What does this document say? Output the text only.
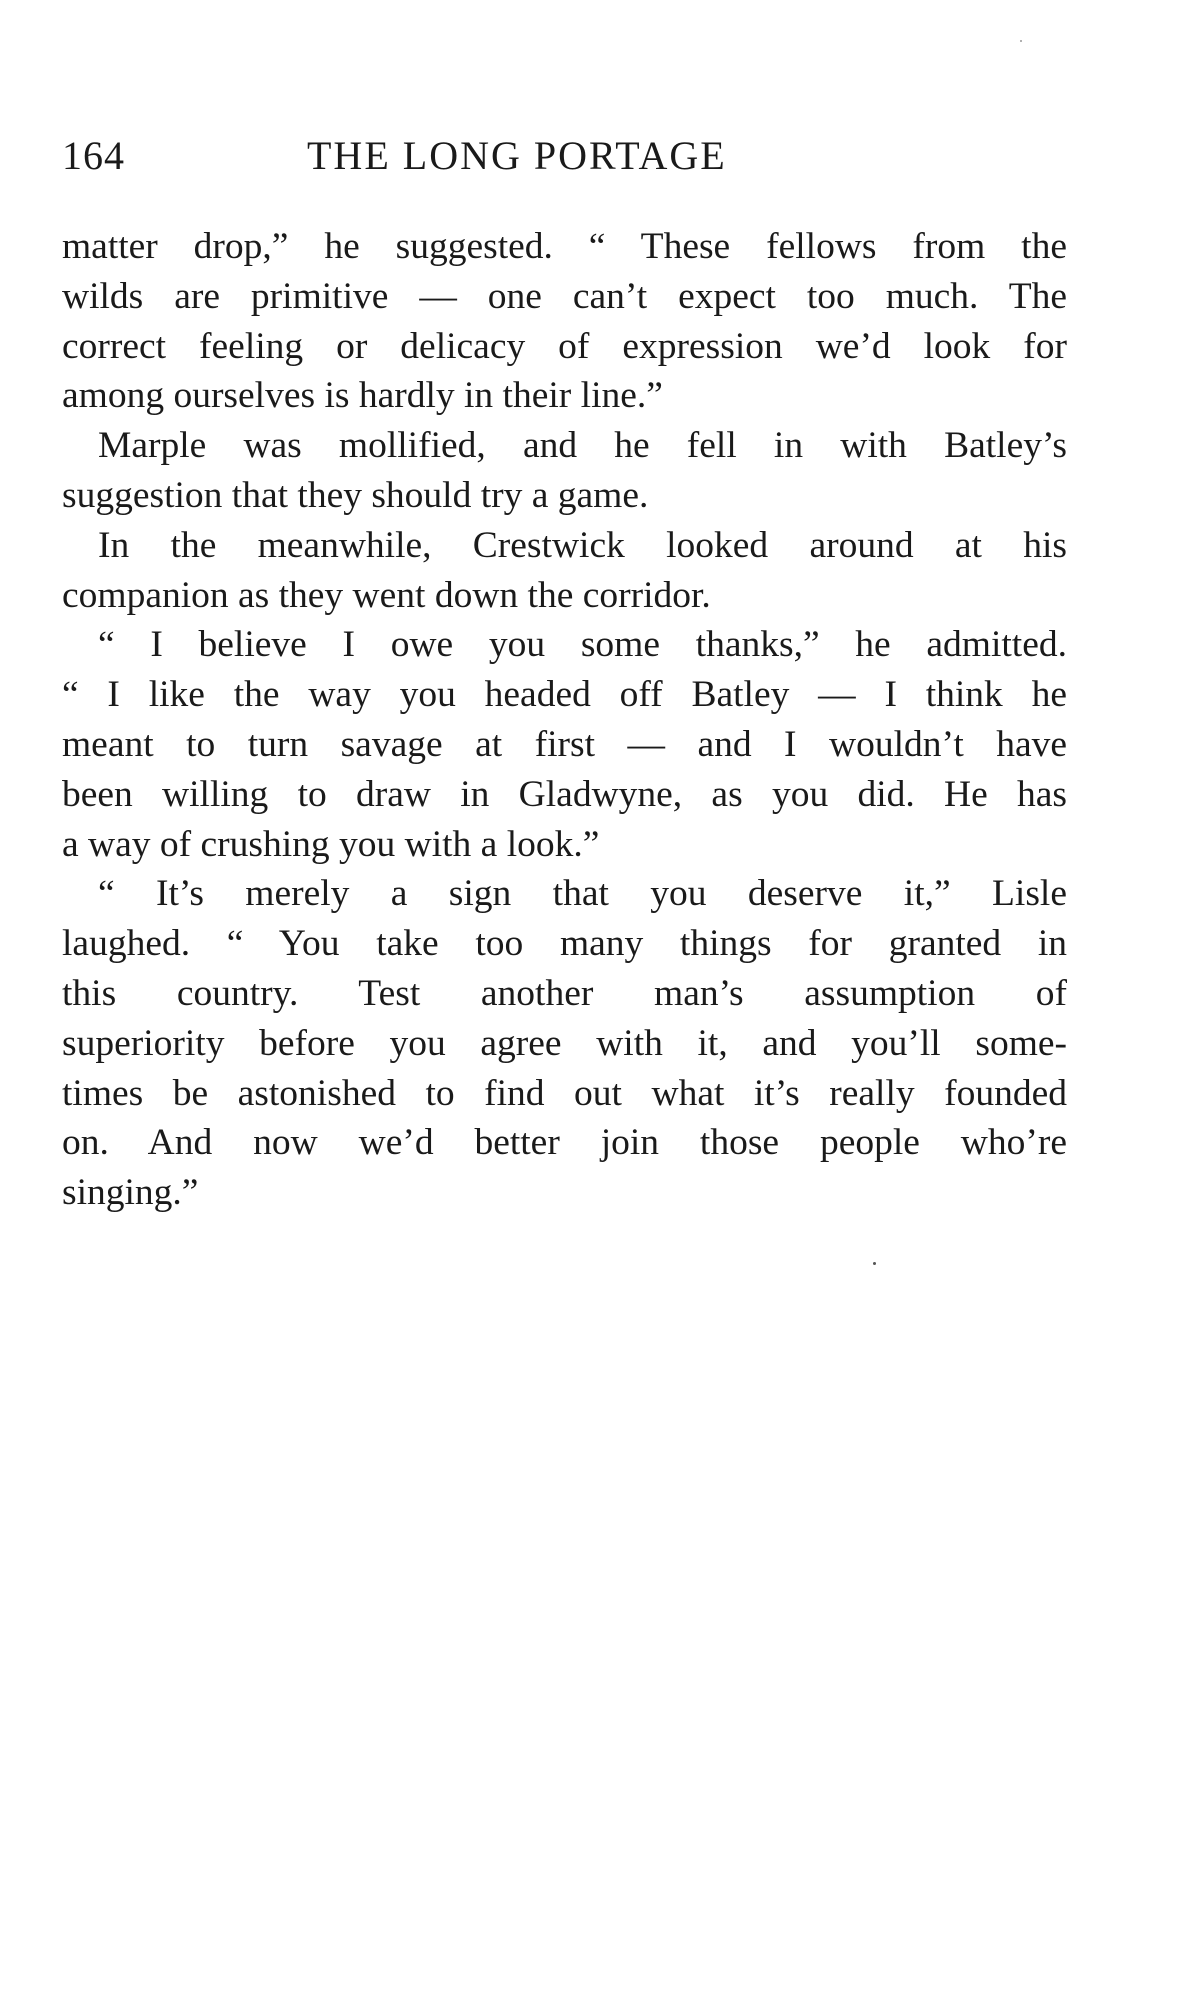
164	THE LONG PORTAGE
matter drop,” he suggested. “ These fellows from the
wilds are primitive — one can’t expect too much. The
correct feeling or delicacy of expression we’d look for
among ourselves is hardly in their line.”
Marple was mollified, and he fell in with Batley’s
suggestion that they should try a game.
In the meanwhile, Crestwick looked around at his
companion as they went down the corridor.
“ I believe I owe you some thanks,” he admitted.
“ I like the way you headed off Batley — I think he
meant to turn savage at first — and I wouldn’t have
been willing to draw in Gladwyne, as you did. He has
a way of crushing you with a look.”
“ It’s merely a sign that you deserve it,” Lisle
laughed. “ You take too many things for granted in
this country. Test another man’s assumption of
superiority before you agree with it, and you’ll some-
times be astonished to find out what it’s really founded
on. And now we’d better join those people who’re
singing.”
